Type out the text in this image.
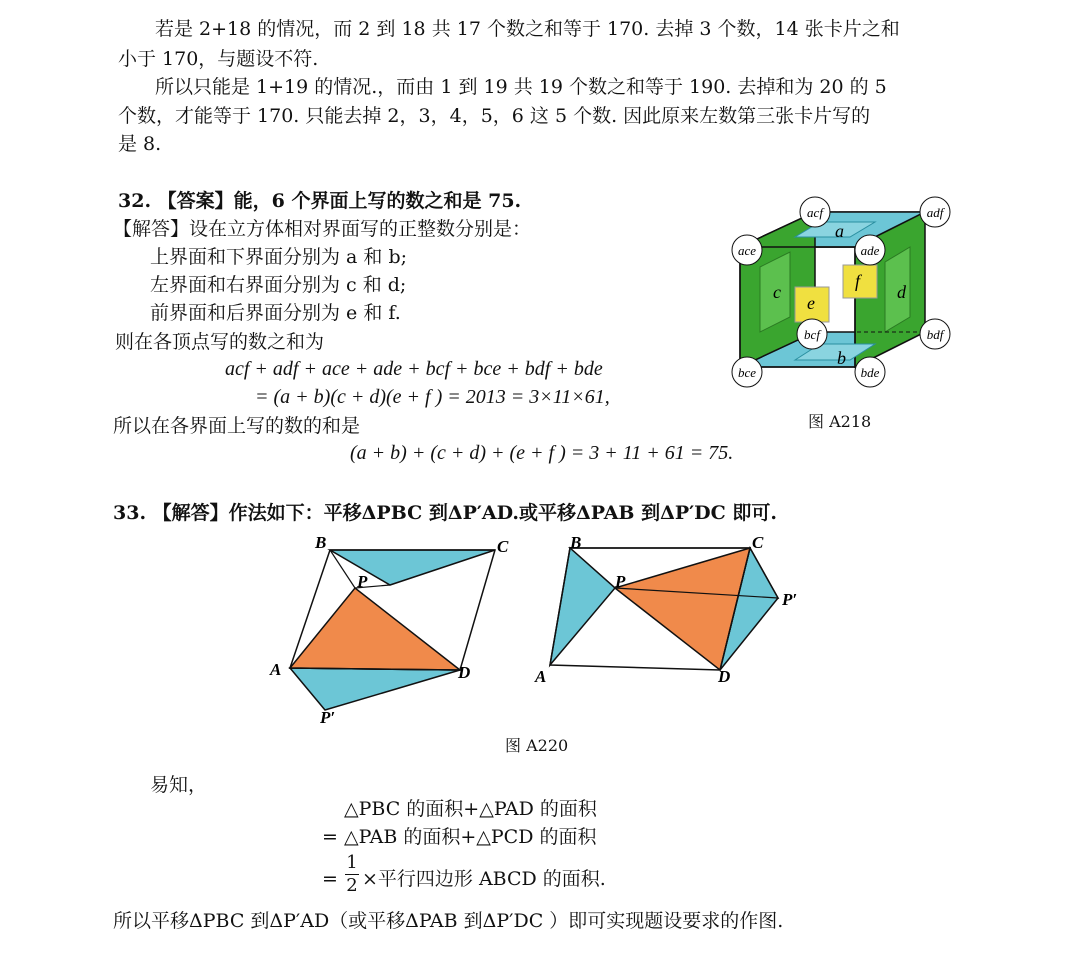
若是 2+18 的情况，而 2 到 18 共 17 个数之和等于 170. 去掉 3 个数，14 张卡片之和
小于 170，与题设不符.
所以只能是 1+19 的情况.，而由 1 到 19 共 19 个数之和等于 190. 去掉和为 20 的 5
个数，才能等于 170. 只能去掉 2，3，4，5，6 这 5 个数. 因此原来左数第三张卡片写的
是 8.
32. 【答案】能，6 个界面上写的数之和是 75.
【解答】设在立方体相对界面写的正整数分别是：
上界面和下界面分别为 a 和 b;
左界面和右界面分别为 c 和 d;
前界面和后界面分别为 e 和 f.
则在各顶点写的数之和为
acf + adf + ace + ade + bcf + bce + bdf + bde
= (a + b)(c + d)(e + f ) = 2013 = 3×11×61,
所以在各界面上写的数的和是
(a + b) + (c + d) + (e + f ) = 3 + 11 + 61 = 75.
a
b
c	d
e
f
acf	adf
ace	ade
bcf	bdf
bce	bde
图 A218
33. 【解答】作法如下：平移ΔPBC 到ΔP′AD.或平移ΔPAB 到ΔP′DC 即可.
B	C
P
A	D
P′
B	C
P
P′
A	D
图 A220
易知，
△PBC 的面积+△PAD 的面积
= △PAB 的面积+△PCD 的面积
=
1
2 ×平行四边形 ABCD 的面积.
所以平移ΔPBC 到ΔP′AD（或平移ΔPAB 到ΔP′DC ）即可实现题设要求的作图.
